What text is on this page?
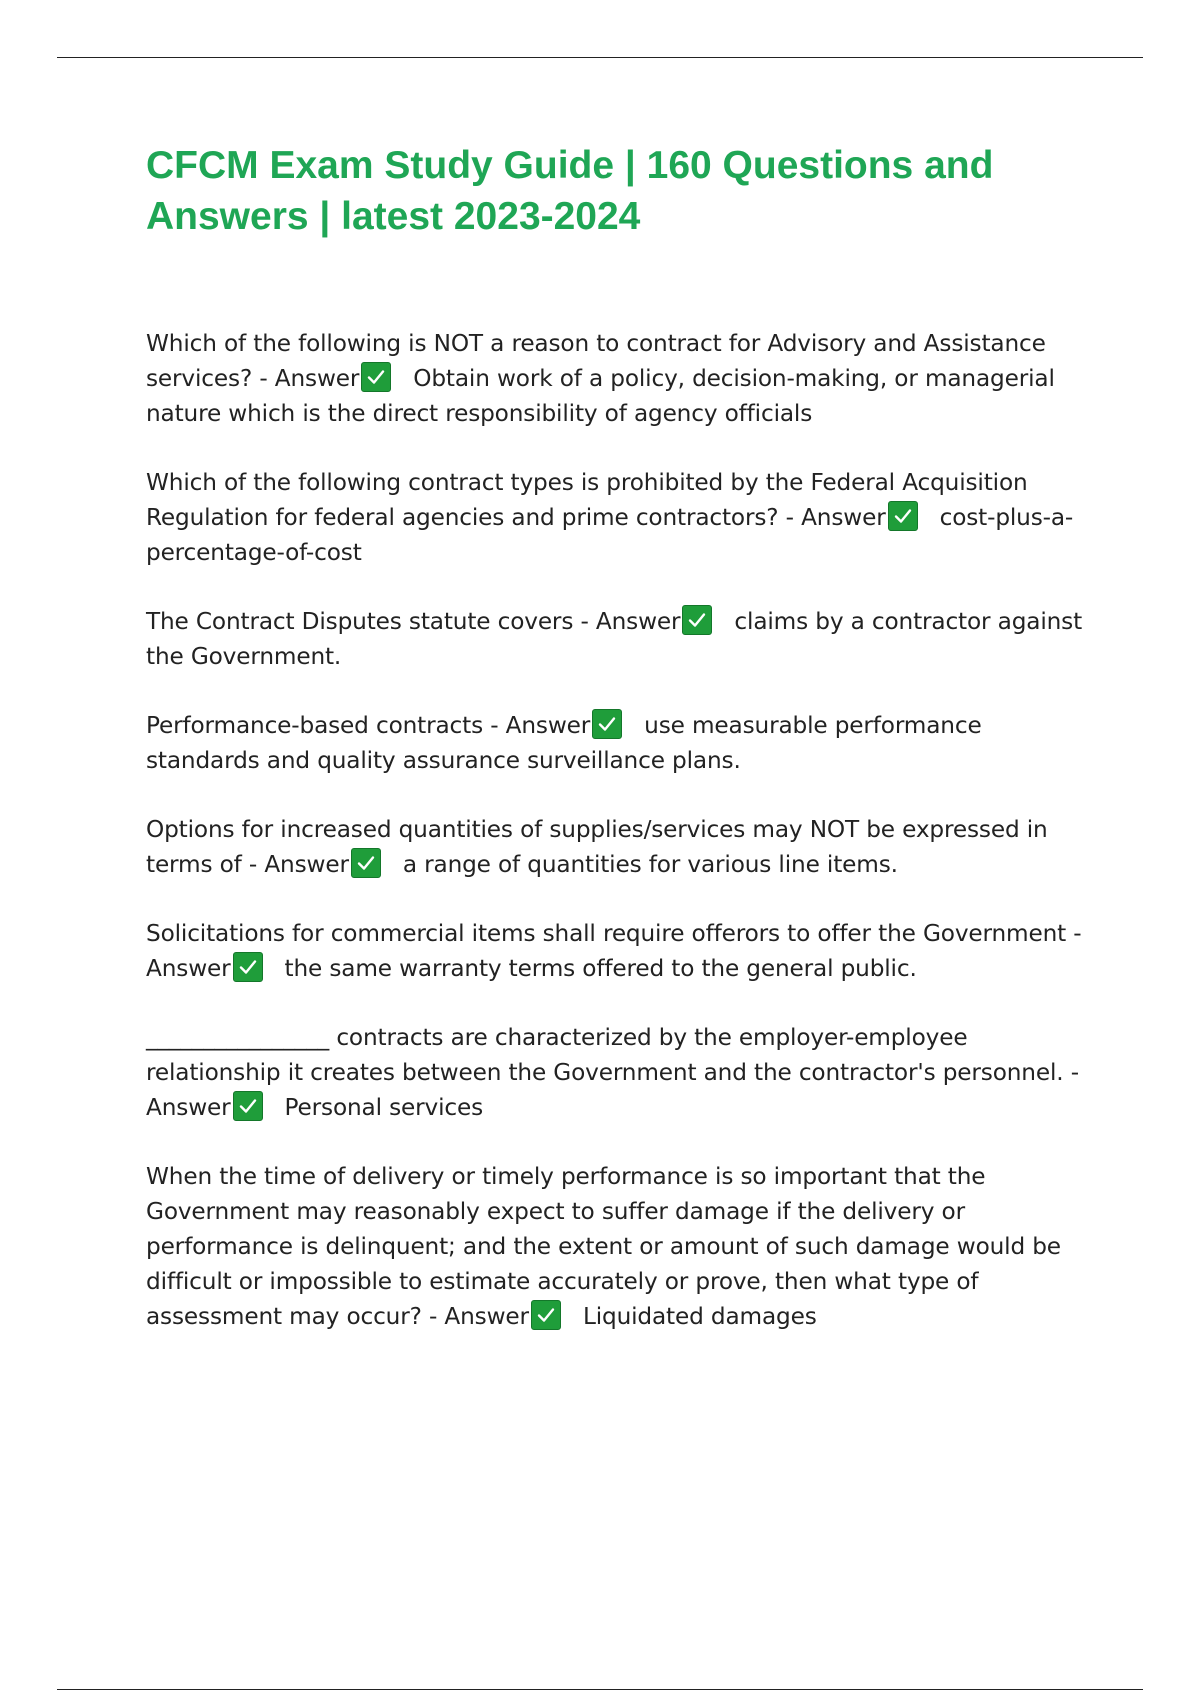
CFCM Exam Study Guide | 160 Questions and Answers | latest 2023-2024
Which of the following is NOT a reason to contract for Advisory and Assistance services? - Answer Obtain work of a policy, decision-making, or managerial nature which is the direct responsibility of agency officials
Which of the following contract types is prohibited by the Federal Acquisition Regulation for federal agencies and prime contractors? - Answer cost-plus-a-percentage-of-cost
The Contract Disputes statute covers - Answer claims by a contractor against the Government.
Performance-based contracts - Answer use measurable performance standards and quality assurance surveillance plans.
Options for increased quantities of supplies/services may NOT be expressed in terms of - Answer a range of quantities for various line items.
Solicitations for commercial items shall require offerors to offer the Government - Answer the same warranty terms offered to the general public.
________________ contracts are characterized by the employer-employee relationship it creates between the Government and the contractor's personnel. - Answer Personal services
When the time of delivery or timely performance is so important that the Government may reasonably expect to suffer damage if the delivery or performance is delinquent; and the extent or amount of such damage would be difficult or impossible to estimate accurately or prove, then what type of assessment may occur? - Answer Liquidated damages
